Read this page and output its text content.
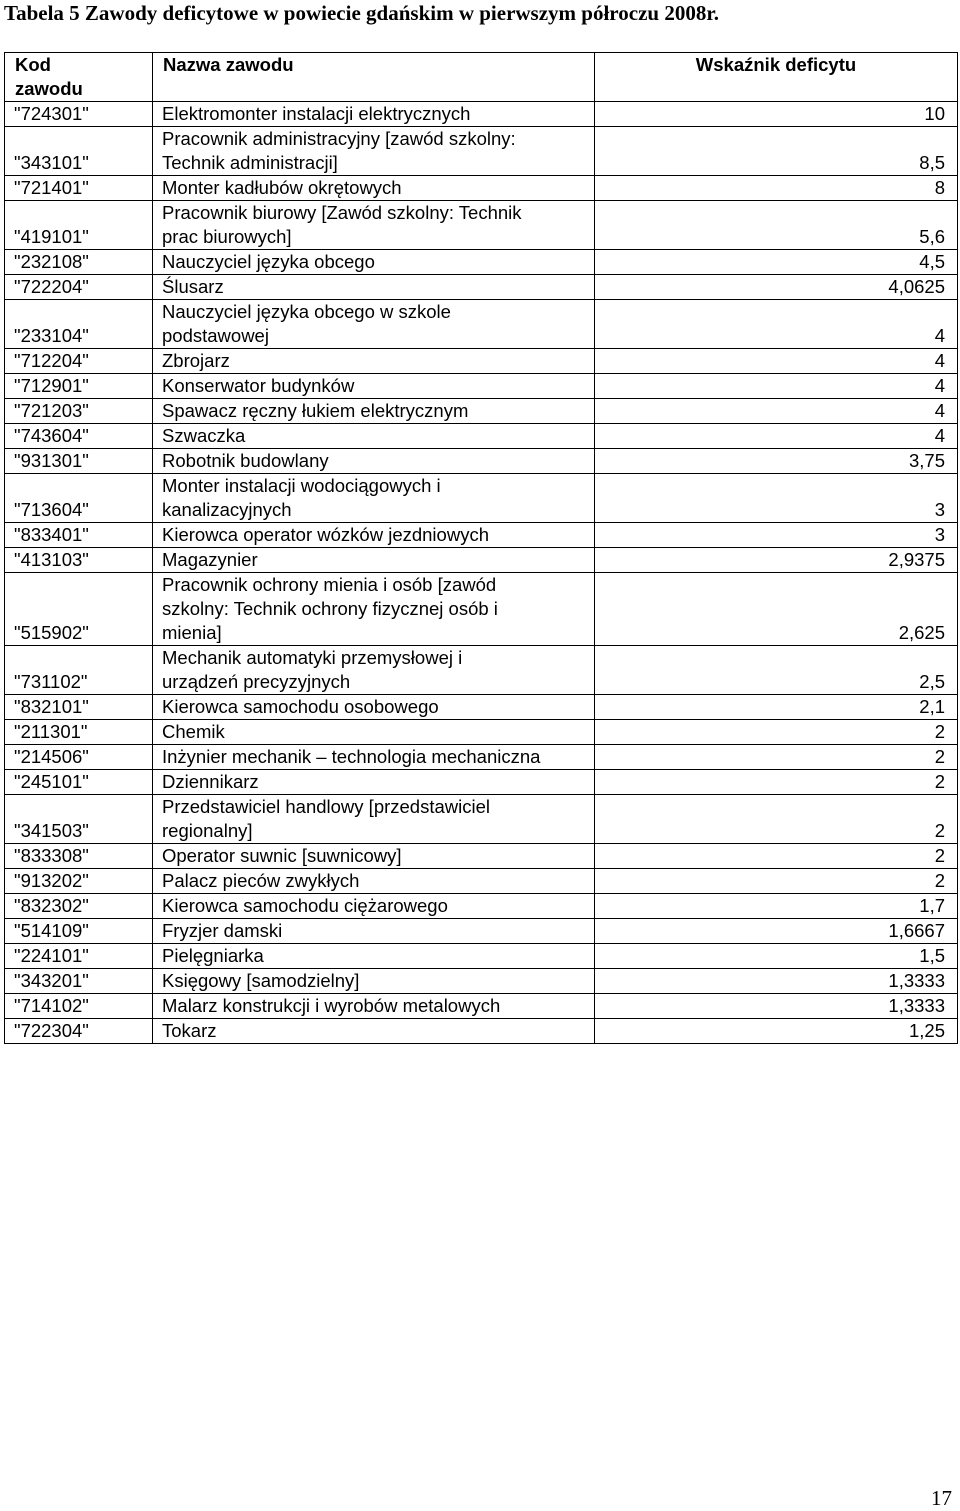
Tabela 5 Zawody deficytowe w powiecie gdańskim w pierwszym półroczu 2008r.
Kod
zawodu	Nazwa zawodu	Wskaźnik deficytu
"724301"	Elektromonter instalacji elektrycznych	10
"343101"	Pracownik administracyjny [zawód szkolny:
Technik administracji]	8,5
"721401"	Monter kadłubów okrętowych	8
"419101"	Pracownik biurowy [Zawód szkolny: Technik
prac biurowych]	5,6
"232108"	Nauczyciel języka obcego	4,5
"722204"	Ślusarz	4,0625
"233104"	Nauczyciel języka obcego w szkole
podstawowej	4
"712204"	Zbrojarz	4
"712901"	Konserwator budynków	4
"721203"	Spawacz ręczny łukiem elektrycznym	4
"743604"	Szwaczka	4
"931301"	Robotnik budowlany	3,75
"713604"	Monter instalacji wodociągowych i
kanalizacyjnych	3
"833401"	Kierowca operator wózków jezdniowych	3
"413103"	Magazynier	2,9375
"515902"	Pracownik ochrony mienia i osób [zawód
szkolny: Technik ochrony fizycznej osób i
mienia]	2,625
"731102"	Mechanik automatyki przemysłowej i
urządzeń precyzyjnych	2,5
"832101"	Kierowca samochodu osobowego	2,1
"211301"	Chemik	2
"214506"	Inżynier mechanik – technologia mechaniczna	2
"245101"	Dziennikarz	2
"341503"	Przedstawiciel handlowy [przedstawiciel
regionalny]	2
"833308"	Operator suwnic [suwnicowy]	2
"913202"	Palacz pieców zwykłych	2
"832302"	Kierowca samochodu ciężarowego	1,7
"514109"	Fryzjer damski	1,6667
"224101"	Pielęgniarka	1,5
"343201"	Księgowy [samodzielny]	1,3333
"714102"	Malarz konstrukcji i wyrobów metalowych	1,3333
"722304"	Tokarz	1,25
17
